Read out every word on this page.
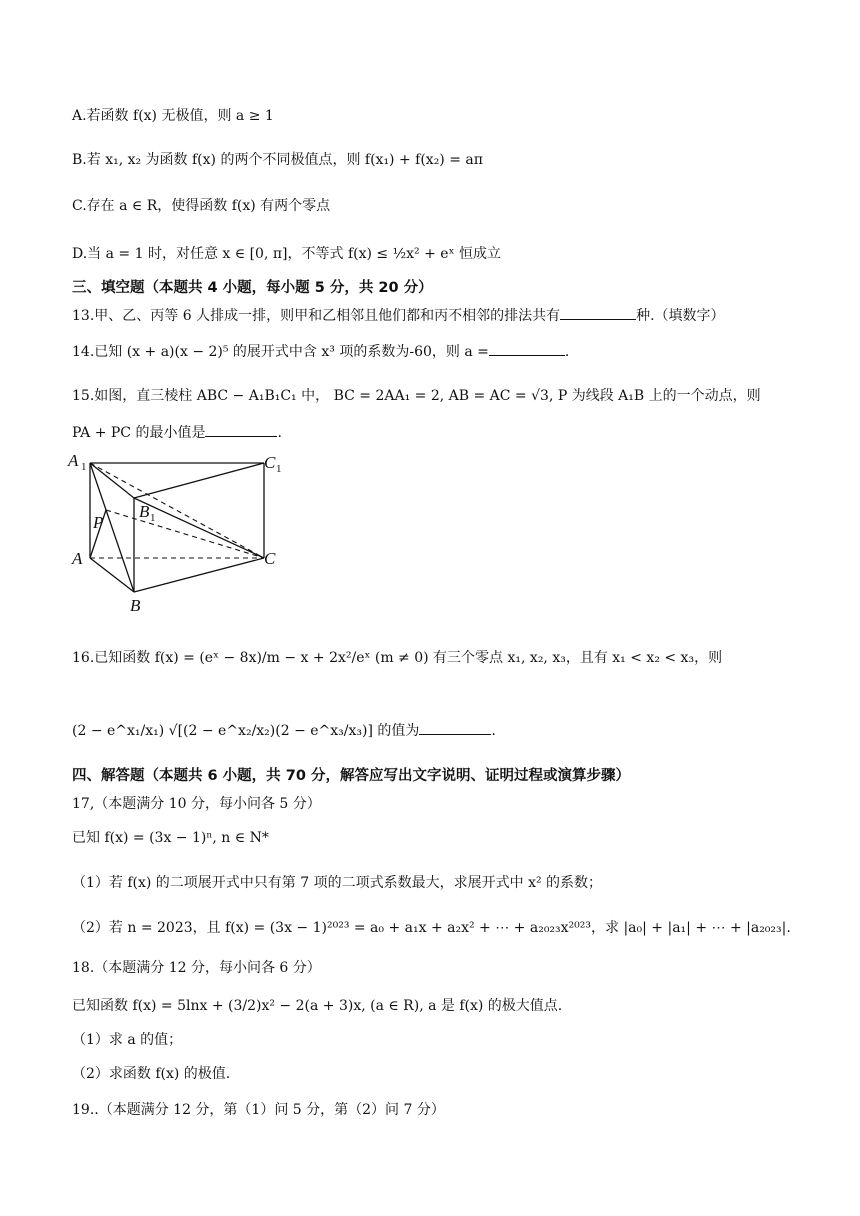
A.若函数 f(x) 无极值，则 a ≥ 1
B.若 x₁, x₂ 为函数 f(x) 的两个不同极值点，则 f(x₁) + f(x₂) = aπ
C.存在 a ∈ R，使得函数 f(x) 有两个零点
D.当 a = 1 时，对任意 x ∈ [0, π]，不等式 f(x) ≤ ½x² + eˣ 恒成立
三、填空题（本题共 4 小题，每小题 5 分，共 20 分）
13.甲、乙、丙等 6 人排成一排，则甲和乙相邻且他们都和丙不相邻的排法共有	种.（填数字）
14.已知 (x + a)(x − 2)⁵ 的展开式中含 x³ 项的系数为-60，则 a =	.
15.如图，直三棱柱 ABC − A₁B₁C₁ 中， BC = 2AA₁ = 2, AB = AC = √3, P 为线段 A₁B 上的一个动点，则
PA + PC 的最小值是	.
A 1	C 1
B 1
P
A	C
B
16.已知函数 f(x) = (eˣ − 8x)/m − x + 2x²/eˣ (m ≠ 0) 有三个零点 x₁, x₂, x₃，且有 x₁ < x₂ < x₃，则
(2 − e^x₁/x₁) √[(2 − e^x₂/x₂)(2 − e^x₃/x₃)] 的值为	.
四、解答题（本题共 6 小题，共 70 分，解答应写出文字说明、证明过程或演算步骤）
17,（本题满分 10 分，每小问各 5 分）
已知 f(x) = (3x − 1)ⁿ, n ∈ N*
（1）若 f(x) 的二项展开式中只有第 7 项的二项式系数最大，求展开式中 x² 的系数；
（2）若 n = 2023，且 f(x) = (3x − 1)²⁰²³ = a₀ + a₁x + a₂x² + ⋯ + a₂₀₂₃x²⁰²³，求 |a₀| + |a₁| + ⋯ + |a₂₀₂₃|.
18.（本题满分 12 分，每小问各 6 分）
已知函数 f(x) = 5lnx + (3/2)x² − 2(a + 3)x, (a ∈ R), a 是 f(x) 的极大值点.
（1）求 a 的值；
（2）求函数 f(x) 的极值.
19..（本题满分 12 分，第（1）问 5 分，第（2）问 7 分）
